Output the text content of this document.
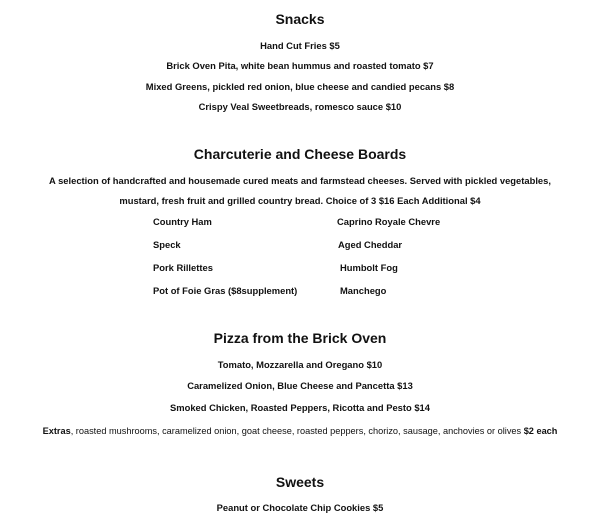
Snacks
Hand Cut Fries $5
Brick Oven Pita, white bean hummus and roasted tomato $7
Mixed Greens, pickled red onion, blue cheese and candied pecans $8
Crispy Veal Sweetbreads, romesco sauce $10
Charcuterie and Cheese Boards
A selection of handcrafted and housemade cured meats and farmstead cheeses. Served with pickled vegetables,
mustard, fresh fruit and grilled country bread. Choice of 3 $16 Each Additional $4
Country Ham
Speck
Pork Rillettes
Pot of Foie Gras ($8supplement)
Caprino Royale Chevre
Aged Cheddar
Humbolt Fog
Manchego
Pizza from the Brick Oven
Tomato, Mozzarella and Oregano $10
Caramelized Onion, Blue Cheese and Pancetta $13
Smoked Chicken, Roasted Peppers, Ricotta and Pesto $14
Extras, roasted mushrooms, caramelized onion, goat cheese, roasted peppers, chorizo, sausage, anchovies or olives $2 each
Sweets
Peanut or Chocolate Chip Cookies $5
